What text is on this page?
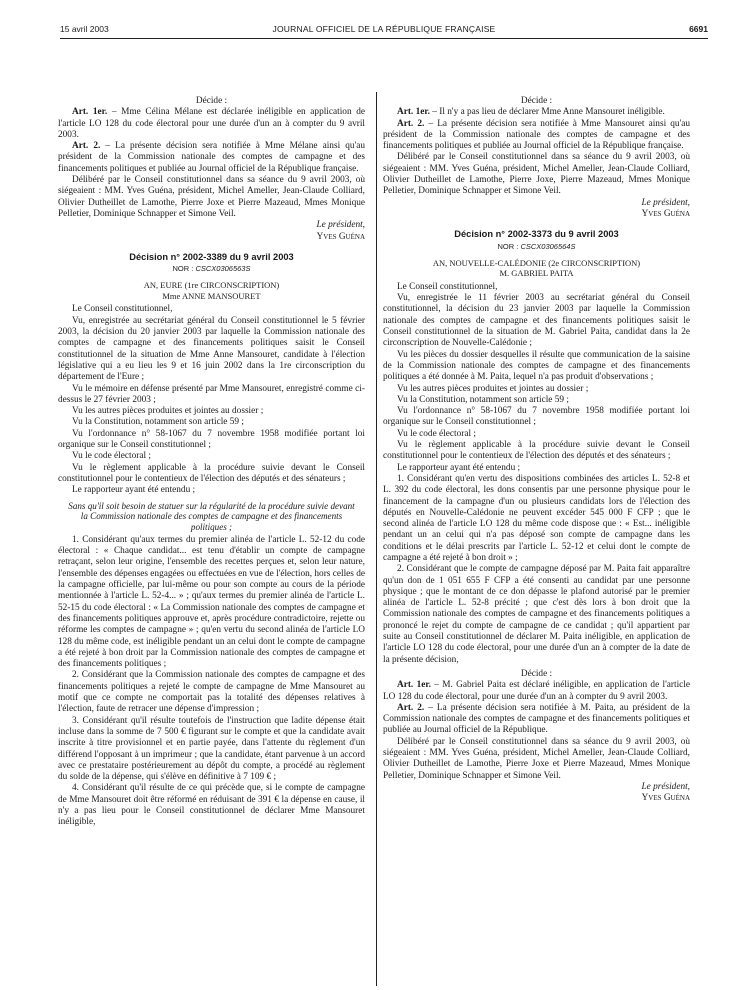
15 avril 2003	JOURNAL OFFICIEL DE LA RÉPUBLIQUE FRANÇAISE	6691

Décide :

Art. 1er. – Mme Célina Mélane est déclarée inéligible en application de l'article LO 128 du code électoral pour une durée d'un an à compter du 9 avril 2003.

Art. 2. – La présente décision sera notifiée à Mme Mélane ainsi qu'au président de la Commission nationale des comptes de campagne et des financements politiques et publiée au Journal officiel de la République française.

Délibéré par le Conseil constitutionnel dans sa séance du 9 avril 2003, où siégeaient : MM. Yves Guéna, président, Michel Ameller, Jean-Claude Colliard, Olivier Dutheillet de Lamothe, Pierre Joxe et Pierre Mazeaud, Mmes Monique Pelletier, Dominique Schnapper et Simone Veil.

Le président,
Yves Guéna
Décision n° 2002-3389 du 9 avril 2003
NOR : CSCX0306563S
AN, EURE (1re CIRCONSCRIPTION)
Mme ANNE MANSOURET

Le Conseil constitutionnel,

Vu, enregistrée au secrétariat général du Conseil constitutionnel le 5 février 2003, la décision du 20 janvier 2003 par laquelle la Commission nationale des comptes de campagne et des financements politiques saisit le Conseil constitutionnel de la situation de Mme Anne Mansouret, candidate à l'élection législative qui a eu lieu les 9 et 16 juin 2002 dans la 1re circonscription du département de l'Eure ;

Vu le mémoire en défense présenté par Mme Mansouret, enregistré comme ci-dessus le 27 février 2003 ;

Vu les autres pièces produites et jointes au dossier ;

Vu la Constitution, notamment son article 59 ;

Vu l'ordonnance n° 58-1067 du 7 novembre 1958 modifiée portant loi organique sur le Conseil constitutionnel ;

Vu le code électoral ;

Vu le règlement applicable à la procédure suivie devant le Conseil constitutionnel pour le contentieux de l'élection des députés et des sénateurs ;

Le rapporteur ayant été entendu ;

Sans qu'il soit besoin de statuer sur la régularité de la procédure suivie devant la Commission nationale des comptes de campagne et des financements politiques ;

1. Considérant qu'aux termes du premier alinéa de l'article L. 52-12 du code électoral : « Chaque candidat... est tenu d'établir un compte de campagne retraçant, selon leur origine, l'ensemble des recettes perçues et, selon leur nature, l'ensemble des dépenses engagées ou effectuées en vue de l'élection, hors celles de la campagne officielle, par lui-même ou pour son compte au cours de la période mentionnée à l'article L. 52-4... » ; qu'aux termes du premier alinéa de l'article L. 52-15 du code électoral : « La Commission nationale des comptes de campagne et des financements politiques approuve et, après procédure contradictoire, rejette ou réforme les comptes de campagne » ; qu'en vertu du second alinéa de l'article LO 128 du même code, est inéligible pendant un an celui dont le compte de campagne a été rejeté à bon droit par la Commission nationale des comptes de campagne et des financements politiques ;

2. Considérant que la Commission nationale des comptes de campagne et des financements politiques a rejeté le compte de campagne de Mme Mansouret au motif que ce compte ne comportait pas la totalité des dépenses relatives à l'élection, faute de retracer une dépense d'impression ;

3. Considérant qu'il résulte toutefois de l'instruction que ladite dépense était incluse dans la somme de 7 500 € figurant sur le compte et que la candidate avait inscrite à titre provisionnel et en partie payée, dans l'attente du règlement d'un différend l'opposant à un imprimeur ; que la candidate, étant parvenue à un accord avec ce prestataire postérieurement au dépôt du compte, a procédé au règlement du solde de la dépense, qui s'élève en définitive à 7 109 € ;

4. Considérant qu'il résulte de ce qui précède que, si le compte de campagne de Mme Mansouret doit être réformé en réduisant de 391 € la dépense en cause, il n'y a pas lieu pour le Conseil constitutionnel de déclarer Mme Mansouret inéligible,

Décide :

Art. 1er. – Il n'y a pas lieu de déclarer Mme Anne Mansouret inéligible.

Art. 2. – La présente décision sera notifiée à Mme Mansouret ainsi qu'au président de la Commission nationale des comptes de campagne et des financements politiques et publiée au Journal officiel de la République française.

Délibéré par le Conseil constitutionnel dans sa séance du 9 avril 2003, où siégeaient : MM. Yves Guéna, président, Michel Ameller, Jean-Claude Colliard, Olivier Dutheillet de Lamothe, Pierre Joxe, Pierre Mazeaud, Mmes Monique Pelletier, Dominique Schnapper et Simone Veil.

Le président,
Yves Guéna
Décision n° 2002-3373 du 9 avril 2003
NOR : CSCX0306564S
AN, NOUVELLE-CALÉDONIE (2e CIRCONSCRIPTION)
M. GABRIEL PAITA

Le Conseil constitutionnel,

Vu, enregistrée le 11 février 2003 au secrétariat général du Conseil constitutionnel, la décision du 23 janvier 2003 par laquelle la Commission nationale des comptes de campagne et des financements politiques saisit le Conseil constitutionnel de la situation de M. Gabriel Paita, candidat dans la 2e circonscription de Nouvelle-Calédonie ;

Vu les pièces du dossier desquelles il résulte que communication de la saisine de la Commission nationale des comptes de campagne et des financements politiques a été donnée à M. Paita, lequel n'a pas produit d'observations ;

Vu les autres pièces produites et jointes au dossier ;

Vu la Constitution, notamment son article 59 ;

Vu l'ordonnance n° 58-1067 du 7 novembre 1958 modifiée portant loi organique sur le Conseil constitutionnel ;

Vu le code électoral ;

Vu le règlement applicable à la procédure suivie devant le Conseil constitutionnel pour le contentieux de l'élection des députés et des sénateurs ;

Le rapporteur ayant été entendu ;

1. Considérant qu'en vertu des dispositions combinées des articles L. 52-8 et L. 392 du code électoral, les dons consentis par une personne physique pour le financement de la campagne d'un ou plusieurs candidats lors de l'élection des députés en Nouvelle-Calédonie ne peuvent excéder 545 000 F CFP ; que le second alinéa de l'article LO 128 du même code dispose que : « Est... inéligible pendant un an celui qui n'a pas déposé son compte de campagne dans les conditions et le délai prescrits par l'article L. 52-12 et celui dont le compte de campagne a été rejeté à bon droit » ;

2. Considérant que le compte de campagne déposé par M. Paita fait apparaître qu'un don de 1 051 655 F CFP a été consenti au candidat par une personne physique ; que le montant de ce don dépasse le plafond autorisé par le premier alinéa de l'article L. 52-8 précité ; que c'est dès lors à bon droit que la Commission nationale des comptes de campagne et des financements politiques a prononcé le rejet du compte de campagne de ce candidat ; qu'il appartient par suite au Conseil constitutionnel de déclarer M. Paita inéligible, en application de l'article LO 128 du code électoral, pour une durée d'un an à compter de la date de la présente décision,

Décide :

Art. 1er. – M. Gabriel Paita est déclaré inéligible, en application de l'article LO 128 du code électoral, pour une durée d'un an à compter du 9 avril 2003.

Art. 2. – La présente décision sera notifiée à M. Paita, au président de la Commission nationale des comptes de campagne et des financements politiques et publiée au Journal officiel de la République.

Délibéré par le Conseil constitutionnel dans sa séance du 9 avril 2003, où siégeaient : MM. Yves Guéna, président, Michel Ameller, Jean-Claude Colliard, Olivier Dutheillet de Lamothe, Pierre Joxe et Pierre Mazeaud, Mmes Monique Pelletier, Dominique Schnapper et Simone Veil.

Le président,
Yves Guéna
